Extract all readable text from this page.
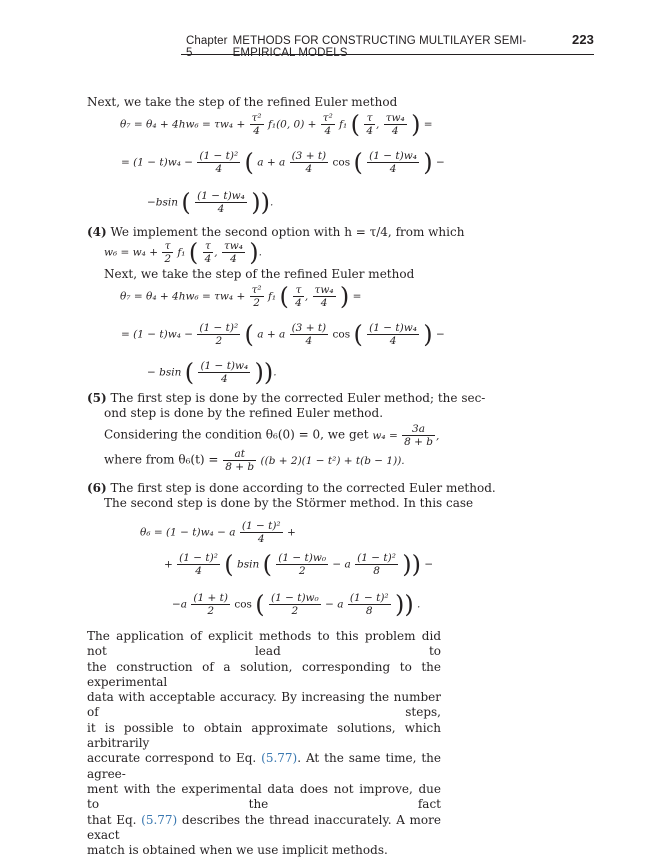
Chapter 5
METHODS FOR CONSTRUCTING MULTILAYER SEMI-EMPIRICAL MODELS
223
Next, we take the step of the refined Euler method
$\theta_7 = \theta_4 + 4hw_6 = \tau w_4 + \frac{\text{τ²}}{4} f_1(0$, $0) + \frac{\text{τ²}}{4} f_1$ ( $\frac{\tau}{4}$ , $\frac{\text{τw₄}}{4}$ ) =
= $(1 - t)w_4 - \frac{\text{(1 − t)²}}{4}$ ( a + a $\frac{(3 + t)}{4}$ cos ( $\frac{\text{(1 − t)w₄}}{4}$ ) −
−bsin ( $\frac{\text{(1 − t)w₄}}{4}$ )).
(4) We implement the second option with h = τ/4, from which
$w_6 = w_4 + \frac{\tau}{2} f_1$ ( $\frac{\tau}{4}$ , $\frac{\text{τw₄}}{4}$ ).
Next, we take the step of the refined Euler method
$\theta_7 = \theta_4 + 4hw_6 = \tau w_4 + \frac{\text{τ²}}{2} f_1$ ( $\frac{\tau}{4}$ , $\frac{\text{τw₄}}{4}$ ) =
= $(1 - t)w_4 - \frac{\text{(1 − t)²}}{2}$ ( a + a $\frac{(3 + t)}{4}$ cos ( $\frac{\text{(1 − t)w₄}}{4}$ ) −
− bsin ( $\frac{\text{(1 − t)w₄}}{4}$ )).
(5) The first step is done by the corrected Euler method; the sec-
ond step is done by the refined Euler method.
Considering the condition θ₆(0) = 0, we get $w_4 = \frac{3a}{8 + b}$ ,
where from $\theta_6(t) = \frac{at}{8 + b} ((b + 2)(1 - t^2) + t(b - 1))$.
(6) The first step is done according to the corrected Euler method.
The second step is done by the Störmer method. In this case
θ₆ = (1 − t)w₄ − a $\frac{\text{(1 − t)²}}{4}$ +
+ $\frac{\text{(1 − t)²}}{4}$ ( bsin ( $\frac{\text{(1 − t)w₀}}{2} - a \frac{\text{(1 − t)²}}{8}$ )) −
$-a \frac{(1 + t)}{2}$ cos ( $\frac{\text{(1 − t)w₀}}{2} - a \frac{\text{(1 − t)²}}{8}$ )) .
The application of explicit methods to this problem did not lead to
the construction of a solution, corresponding to the experimental
data with acceptable accuracy. By increasing the number of steps,
it is possible to obtain approximate solutions, which arbitrarily
accurate correspond to Eq. (5.77). At the same time, the agree-
ment with the experimental data does not improve, due to the fact
that Eq. (5.77) describes the thread inaccurately. A more exact
match is obtained when we use implicit methods.
